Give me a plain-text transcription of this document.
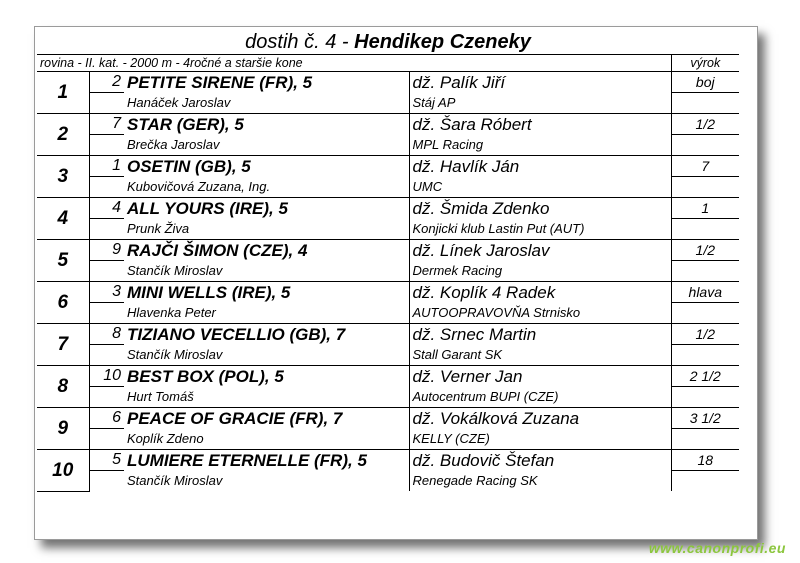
dostih č. 4 - Hendikep Czeneky				
rovina - II. kat. - 2000 m - 4ročné a staršie kone				výrok
1	2	PETITE SIRENE (FR), 5	dž. Palík Jiří	boj
		Hanáček Jaroslav	Stáj AP	
2	7	STAR (GER), 5	dž. Šara Róbert	1/2
		Brečka Jaroslav	MPL Racing	
3	1	OSETIN (GB), 5	dž. Havlík Ján	7
		Kubovičová Zuzana, Ing.	UMC	
4	4	ALL YOURS (IRE), 5	dž. Šmida Zdenko	1
		Prunk Živa	Konjicki klub Lastin Put (AUT)	
5	9	RAJČI ŠIMON (CZE), 4	dž. Línek Jaroslav	1/2
		Stančík Miroslav	Dermek Racing	
6	3	MINI WELLS (IRE), 5	dž. Koplík 4 Radek	hlava
		Hlavenka Peter	AUTOOPRAVOVŇA Strnisko	
7	8	TIZIANO VECELLIO (GB), 7	dž. Srnec Martin	1/2
		Stančík Miroslav	Stall Garant SK	
8	10	BEST BOX (POL), 5	dž. Verner Jan	2 1/2
		Hurt Tomáš	Autocentrum BUPI (CZE)	
9	6	PEACE OF GRACIE (FR), 7	dž. Vokálková Zuzana	3 1/2
		Koplík Zdeno	KELLY (CZE)	
10	5	LUMIERE ETERNELLE (FR), 5	dž. Budovič Štefan	18
		Stančík Miroslav	Renegade Racing SK	
www.canonprofi.eu
